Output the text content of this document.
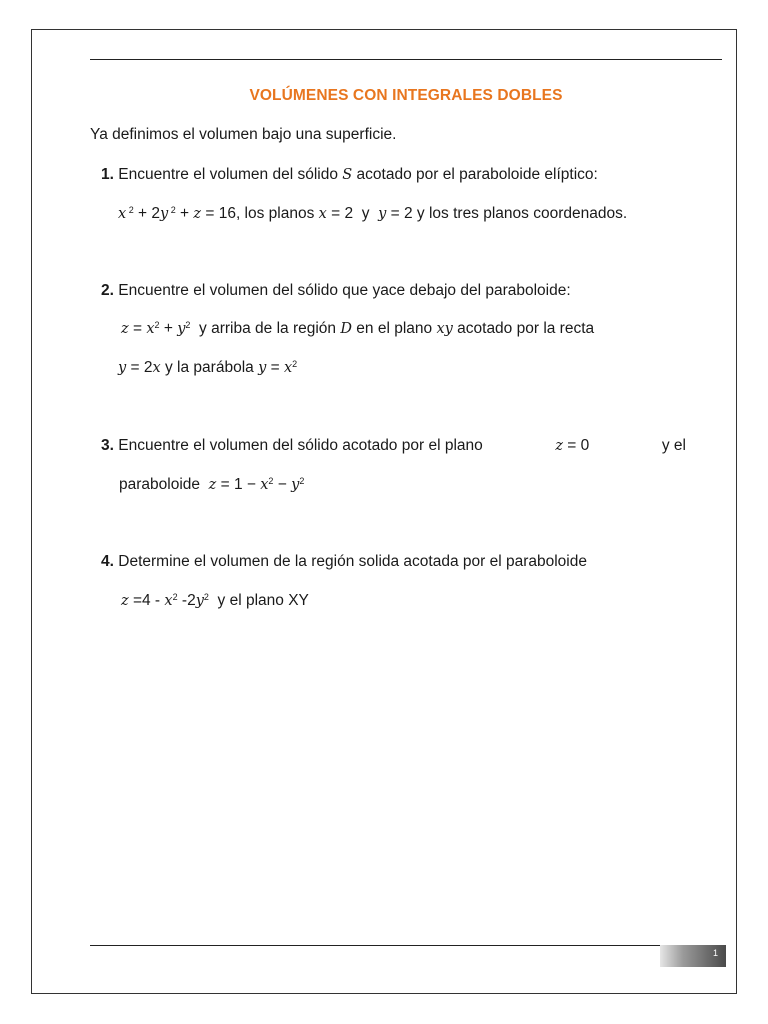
VOLÚMENES CON INTEGRALES DOBLES
Ya definimos el volumen bajo una superficie.
1. Encuentre el volumen del sólido S acotado por el paraboloide elíptico:
x $^2$ + 2y $^2$ + z = 16, los planos x = 2  y  y = 2 y los tres planos coordenados.
2. Encuentre el volumen del sólido que yace debajo del paraboloide:
$z = x^2 + y^2$ y arriba de la región D en el plano xy acotado por la recta
y = 2x y la parábola $y = x^2$
3. Encuentre el volumen del sólido acotado por el plano	z = 0	y el
paraboloide $z = 1 - x^2 - y^2$
4. Determine el volumen de la región solida acotada por el paraboloide
$z =4 - x^2$ $-2y^2$ y el plano XY
1
